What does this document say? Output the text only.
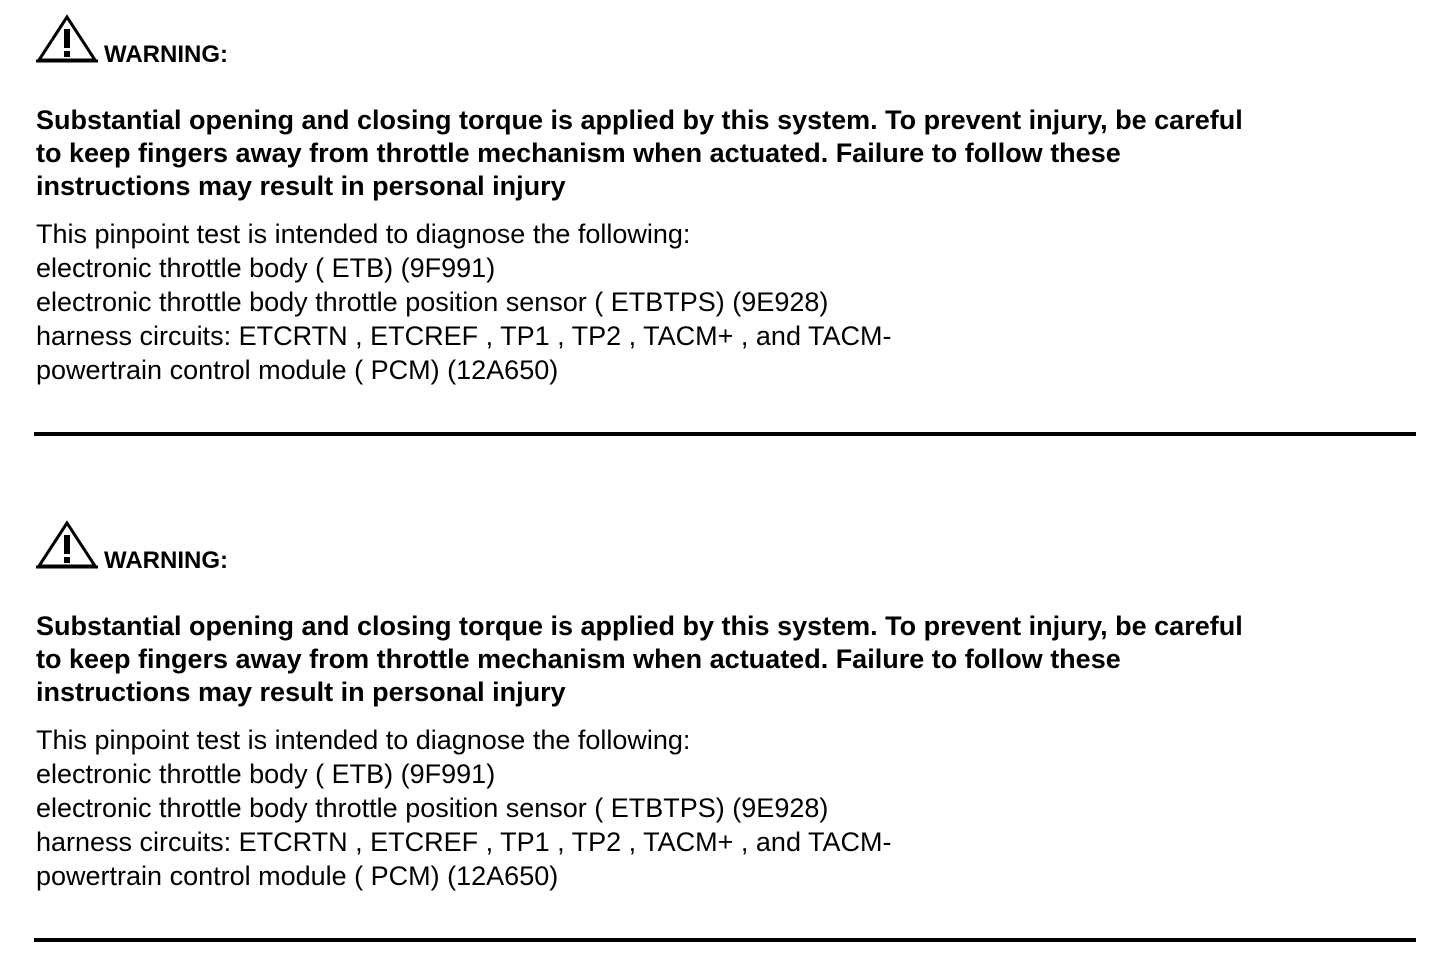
WARNING:

Substantial opening and closing torque is applied by this system. To prevent injury, be careful
to keep fingers away from throttle mechanism when actuated. Failure to follow these
instructions may result in personal injury

This pinpoint test is intended to diagnose the following:
electronic throttle body ( ETB) (9F991)
electronic throttle body throttle position sensor ( ETBTPS) (9E928)
harness circuits: ETCRTN , ETCREF , TP1 , TP2 , TACM+ , and TACM-
powertrain control module ( PCM) (12A650)

WARNING:

Substantial opening and closing torque is applied by this system. To prevent injury, be careful
to keep fingers away from throttle mechanism when actuated. Failure to follow these
instructions may result in personal injury

This pinpoint test is intended to diagnose the following:
electronic throttle body ( ETB) (9F991)
electronic throttle body throttle position sensor ( ETBTPS) (9E928)
harness circuits: ETCRTN , ETCREF , TP1 , TP2 , TACM+ , and TACM-
powertrain control module ( PCM) (12A650)
